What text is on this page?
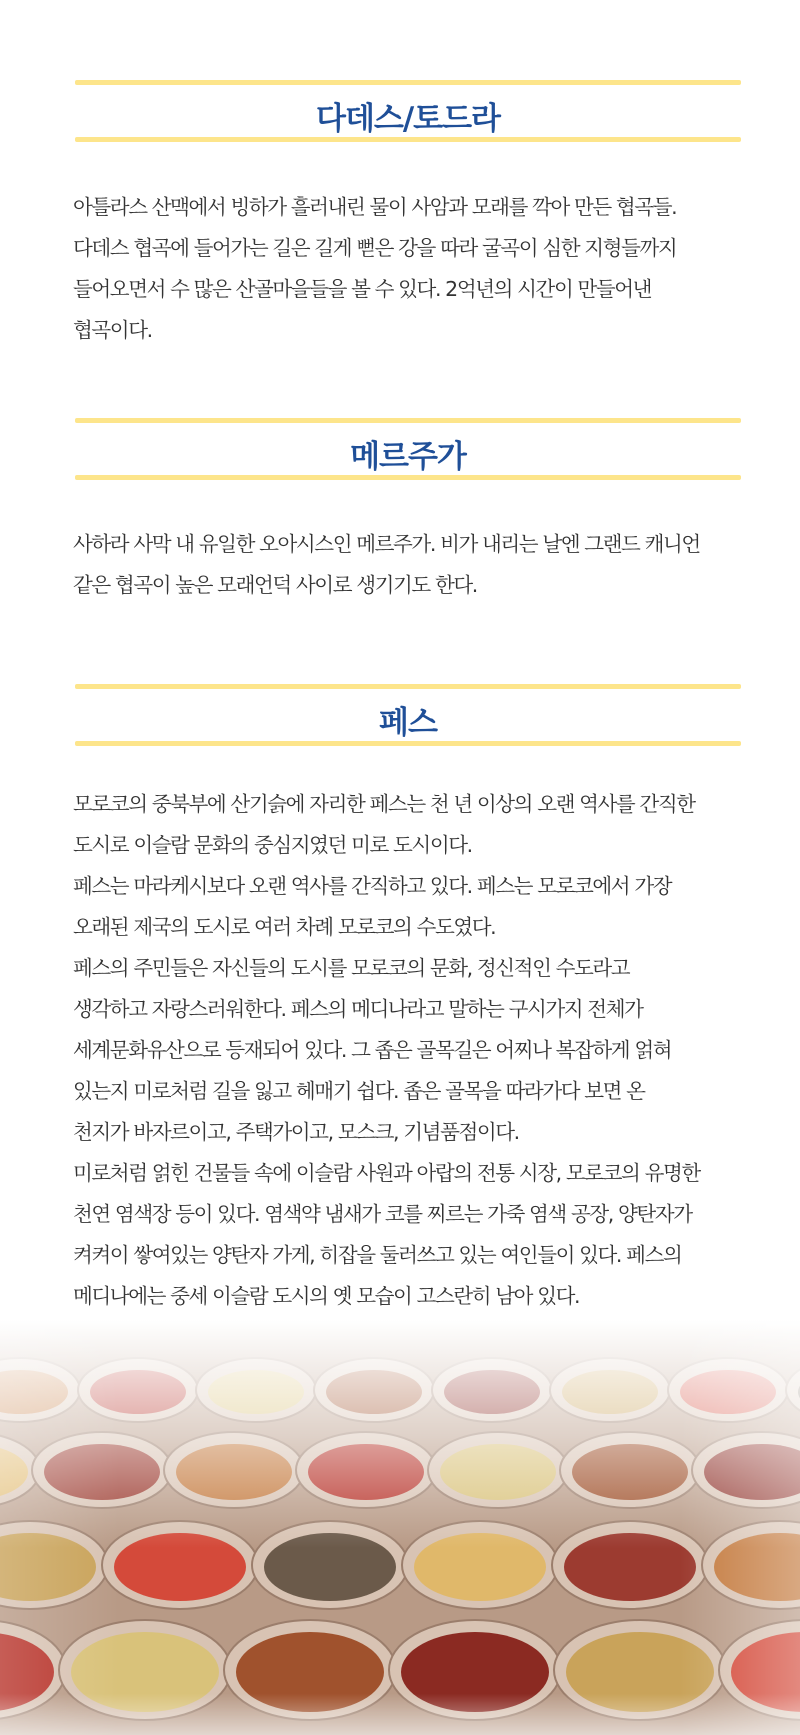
다데스/토드라

아틀라스 산맥에서 빙하가 흘러내린 물이 사암과 모래를 깍아 만든 협곡들.

다데스 협곡에 들어가는 길은 길게 뻗은 강을 따라 굴곡이 심한 지형들까지

들어오면서 수 많은 산골마을들을 볼 수 있다. 2억년의 시간이 만들어낸

협곡이다.

메르주가

사하라 사막 내 유일한 오아시스인 메르주가. 비가 내리는 날엔 그랜드 캐니언

같은 협곡이 높은 모래언덕 사이로 생기기도 한다.

페스

모로코의 중북부에 산기슭에 자리한 페스는 천 년 이상의 오랜 역사를 간직한

도시로 이슬람 문화의 중심지였던 미로 도시이다.

페스는 마라케시보다 오랜 역사를 간직하고 있다. 페스는 모로코에서 가장

오래된 제국의 도시로 여러 차례 모로코의 수도였다.

페스의 주민들은 자신들의 도시를 모로코의 문화, 정신적인 수도라고

생각하고 자랑스러워한다. 페스의 메디나라고 말하는 구시가지 전체가

세계문화유산으로 등재되어 있다. 그 좁은 골목길은 어찌나 복잡하게 얽혀

있는지 미로처럼 길을 잃고 헤매기 쉽다. 좁은 골목을 따라가다 보면 온

천지가 바자르이고, 주택가이고, 모스크, 기념품점이다.

미로처럼 얽힌 건물들 속에 이슬람 사원과 아랍의 전통 시장, 모로코의 유명한

천연 염색장 등이 있다. 염색약 냄새가 코를 찌르는 가죽 염색 공장, 양탄자가

켜켜이 쌓여있는 양탄자 가게, 히잡을 둘러쓰고 있는 여인들이 있다. 페스의

메디나에는 중세 이슬람 도시의 옛 모습이 고스란히 남아 있다.
